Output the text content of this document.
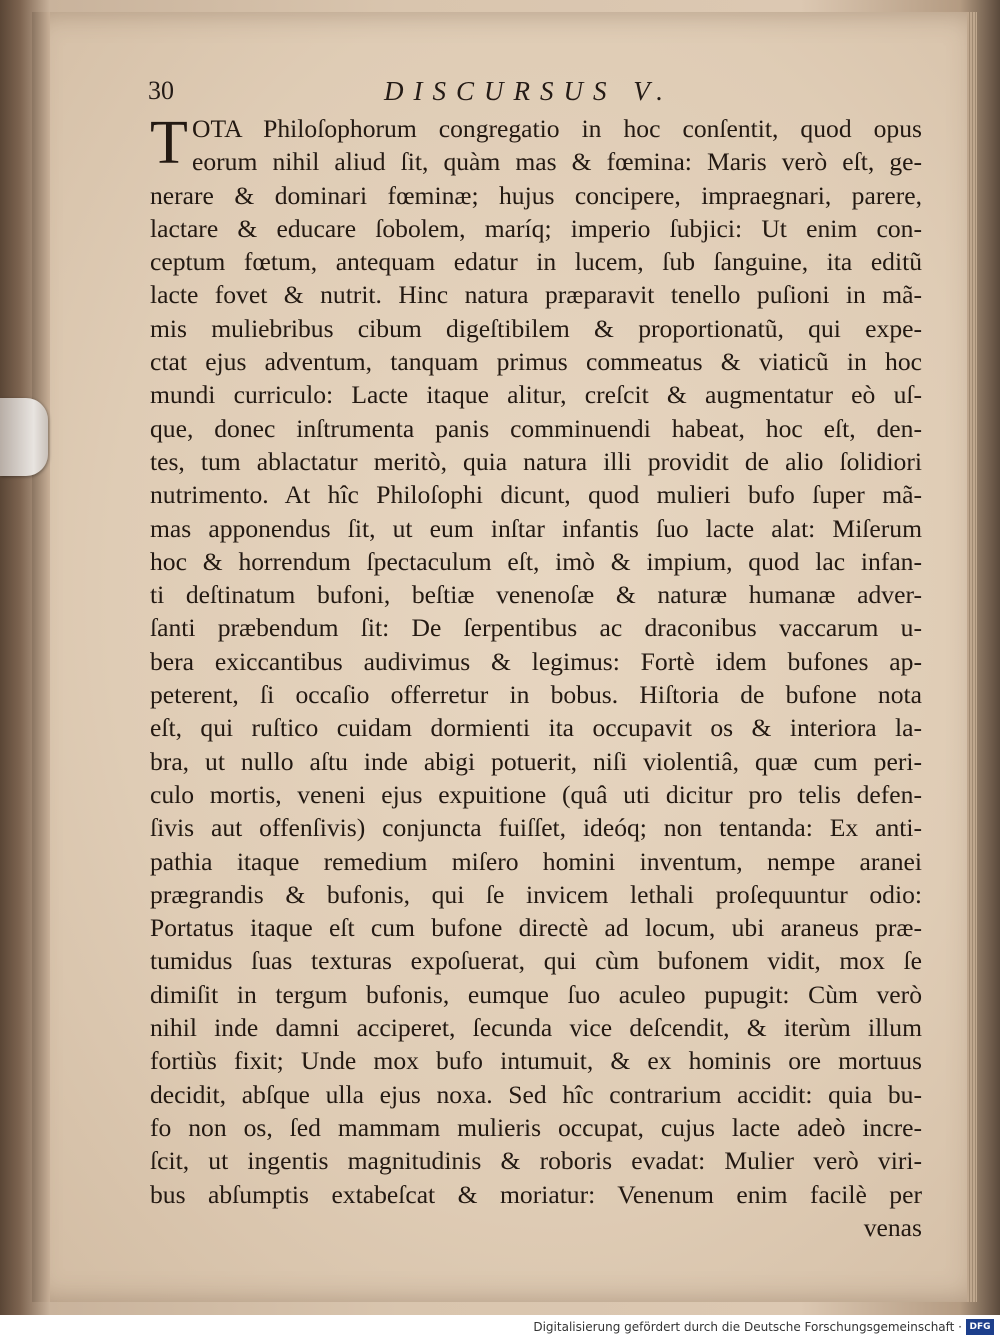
30	DISCURSUS V.
T OTA Philoſophorum congregatio in hoc conſentit, quod opus
eorum nihil aliud ſit, quàm mas & fœmina: Maris verò eſt, ge-
nerare & dominari fœminæ; hujus concipere, impraegnari, parere,
lactare & educare ſobolem, maríq; imperio ſubjici: Ut enim con-
ceptum fœtum, antequam edatur in lucem, ſub ſanguine, ita editũ
lacte fovet & nutrit. Hinc natura præparavit tenello puſioni in mã-
mis muliebribus cibum digeſtibilem & proportionatũ, qui expe-
ctat ejus adventum, tanquam primus commeatus & viaticũ in hoc
mundi curriculo: Lacte itaque alitur, creſcit & augmentatur eò uſ-
que, donec inſtrumenta panis comminuendi habeat, hoc eſt, den-
tes, tum ablactatur meritò, quia natura illi providit de alio ſolidiori
nutrimento. At hîc Philoſophi dicunt, quod mulieri bufo ſuper mã-
mas apponendus ſit, ut eum inſtar infantis ſuo lacte alat: Miſerum
hoc & horrendum ſpectaculum eſt, imò & impium, quod lac infan-
ti deſtinatum bufoni, beſtiæ venenoſæ & naturæ humanæ adver-
ſanti præbendum ſit: De ſerpentibus ac draconibus vaccarum u-
bera exiccantibus audivimus & legimus: Fortè idem bufones ap-
peterent, ſi occaſio offerretur in bobus. Hiſtoria de bufone nota
eſt, qui ruſtico cuidam dormienti ita occupavit os & interiora la-
bra, ut nullo aſtu inde abigi potuerit, niſi violentiâ, quæ cum peri-
culo mortis, veneni ejus expuitione (quâ uti dicitur pro telis defen-
ſivis aut offenſivis) conjuncta fuiſſet, ideóq; non tentanda: Ex anti-
pathia itaque remedium miſero homini inventum, nempe aranei
prægrandis & bufonis, qui ſe invicem lethali proſequuntur odio:
Portatus itaque eſt cum bufone directè ad locum, ubi araneus præ-
tumidus ſuas texturas expoſuerat, qui cùm bufonem vidit, mox ſe
dimiſit in tergum bufonis, eumque ſuo aculeo pupugit: Cùm verò
nihil inde damni acciperet, ſecunda vice deſcendit, & iterùm illum
fortiùs fixit; Unde mox bufo intumuit, & ex hominis ore mortuus
decidit, abſque ulla ejus noxa. Sed hîc contrarium accidit: quia bu-
fo non os, ſed mammam mulieris occupat, cujus lacte adeò incre-
ſcit, ut ingentis magnitudinis & roboris evadat: Mulier verò viri-
bus abſumptis extabeſcat & moriatur: Venenum enim facilè per
venas
Digitalisierung gefördert durch die Deutsche Forschungsgemeinschaft · DFG
